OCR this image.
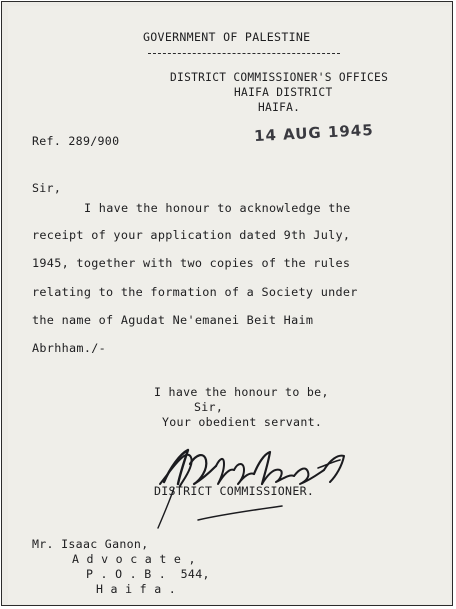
GOVERNMENT OF PALESTINE
DISTRICT COMMISSIONER'S OFFICES
HAIFA DISTRICT
HAIFA.
Ref. 289/900	14 AUG 1945
Sir,
I have the honour to acknowledge the
receipt of your application dated 9th July,
1945, together with two copies of the rules
relating to the formation of a Society under
the name of Agudat Ne'emanei Beit Haim
Abrhham./-
I have the honour to be,
Sir,
Your obedient servant.
DISTRICT COMMISSIONER.
Mr. Isaac Ganon,
A d v o c a t e ,
P . O . B .  544,
H a i f a .
